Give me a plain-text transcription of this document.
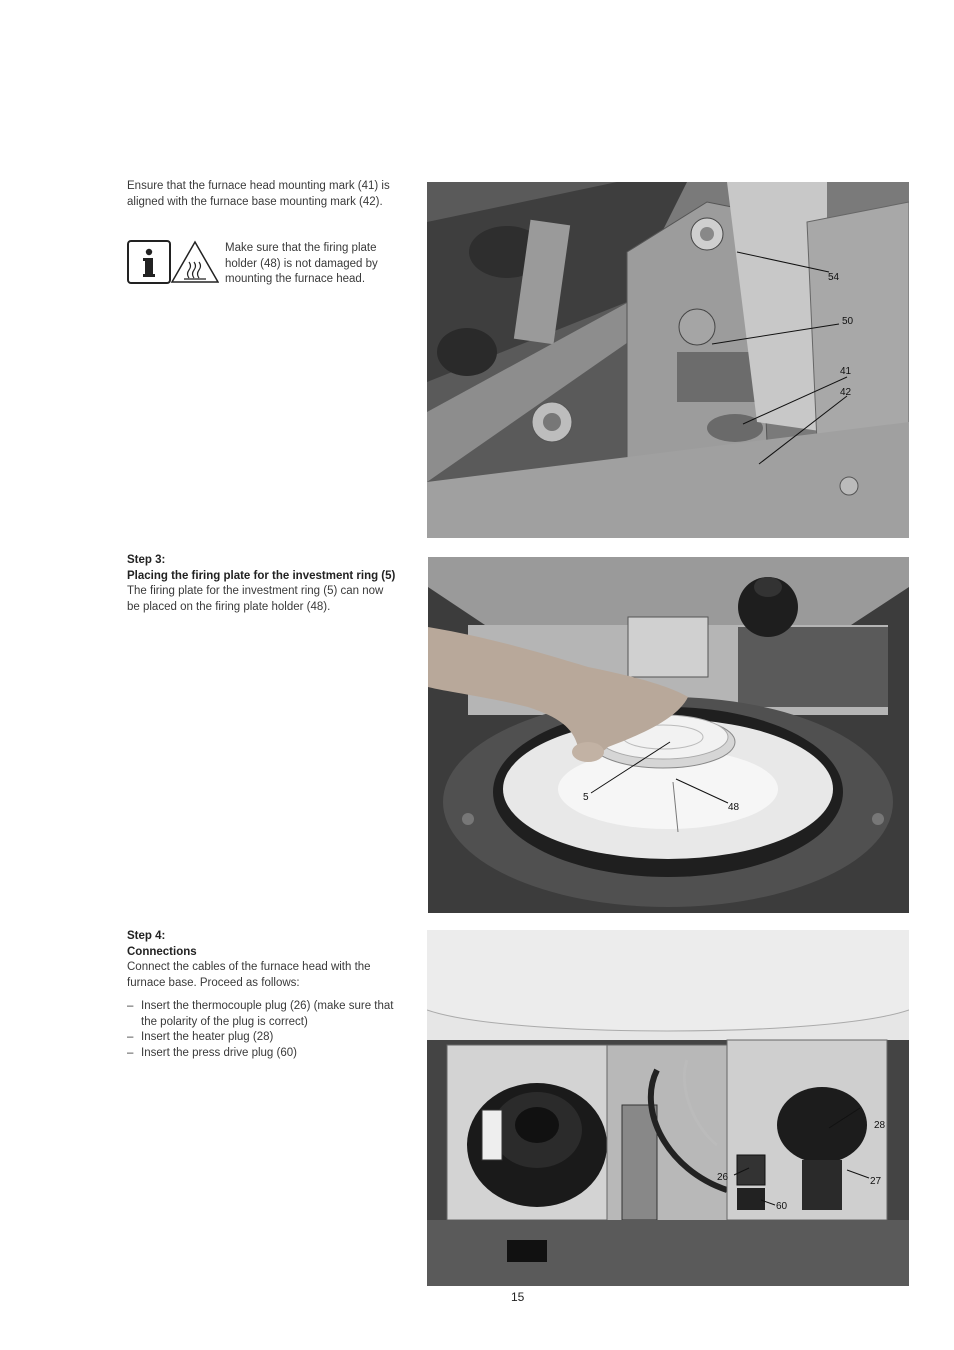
Ensure that the furnace head mounting mark (41) is aligned with the furnace base mounting mark (42).

Make sure that the firing plate holder (48) is not damaged by mounting the furnace head.	54
50
41
42

Step 3:

Placing the firing plate for the investment ring (5)

The firing plate for the investment ring (5) can now be placed on the firing plate holder (48).

5
48

Step 4:

Connections

Connect the cables of the furnace head with the furnace base. Proceed as follows:

– Insert the thermocouple plug (26) (make sure that the polarity of the plug is correct)
– Insert the heater plug (28)
– Insert the press drive plug (60)
28
26	27
60
15
